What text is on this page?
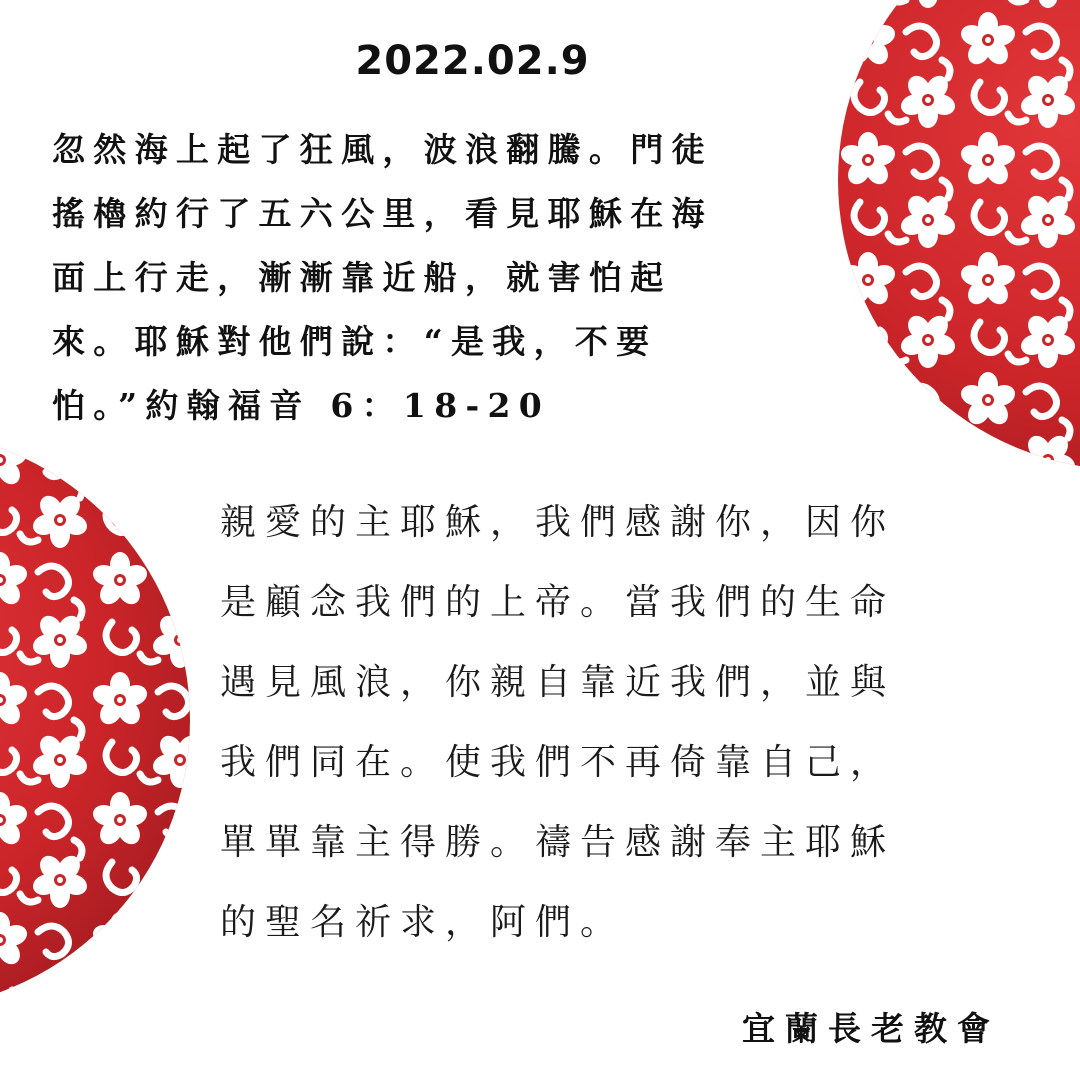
2022.02.9
忽然海上起了狂風，波浪翻騰。門徒
搖櫓約行了五六公里，看見耶穌在海
面上行走，漸漸靠近船，就害怕起
來。耶穌對他們說：“是我，不要
怕。”約翰福音 6：18-20
親愛的主耶穌，我們感謝你，因你
是顧念我們的上帝。當我們的生命
遇見風浪，你親自靠近我們，並與
我們同在。使我們不再倚靠自己，
單單靠主得勝。禱告感謝奉主耶穌
的聖名祈求，阿們。
宜蘭長老教會
